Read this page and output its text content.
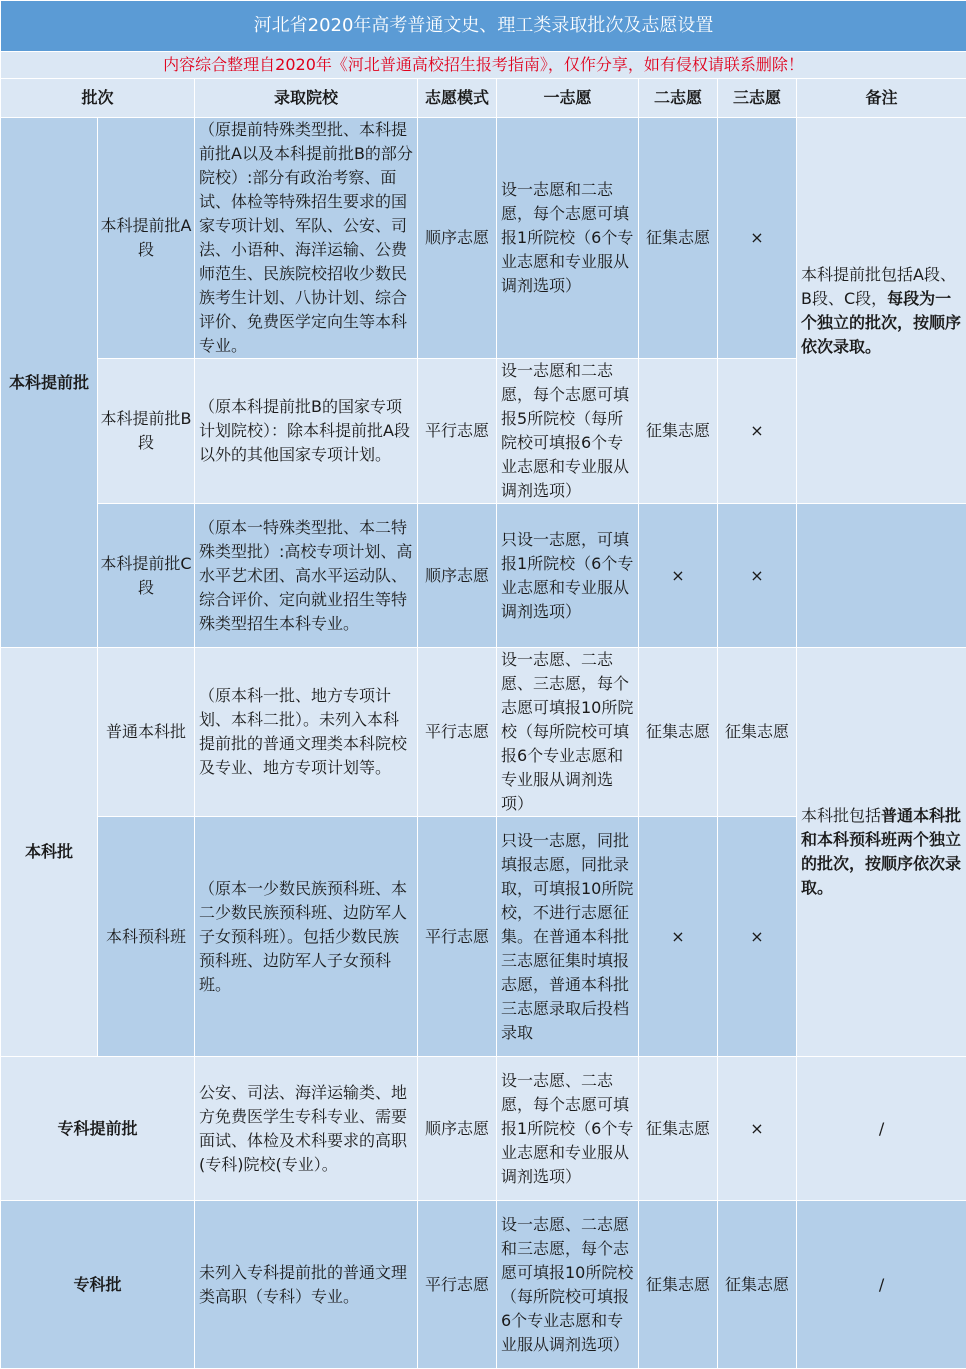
河北省2020年高考普通文史、理工类录取批次及志愿设置							
内容综合整理自2020年《河北普通高校招生报考指南》，仅作分享，如有侵权请联系删除！							
批次		录取院校	志愿模式	一志愿	二志愿	三志愿	备注
本科提前批	本科提前批A段	（原提前特殊类型批、本科提前批A以及本科提前批B的部分院校）:部分有政治考察、面试、体检等特殊招生要求的国家专项计划、军队、公安、司法、小语种、海洋运输、公费师范生、民族院校招收少数民族考生计划、八协计划、综合评价、免费医学定向生等本科专业。	顺序志愿	设一志愿和二志愿，每个志愿可填报1所院校（6个专业志愿和专业服从调剂选项）	征集志愿	×	本科提前批包括A段、B段、C段，每段为一个独立的批次，按顺序依次录取。
	本科提前批B段	（原本科提前批B的国家专项计划院校）：除本科提前批A段以外的其他国家专项计划。	平行志愿	设一志愿和二志愿，每个志愿可填报5所院校（每所院校可填报6个专业志愿和专业服从调剂选项）	征集志愿	×	
	本科提前批C段	（原本一特殊类型批、本二特殊类型批）:高校专项计划、高水平艺术团、高水平运动队、综合评价、定向就业招生等特殊类型招生本科专业。	顺序志愿	只设一志愿，可填报1所院校（6个专业志愿和专业服从调剂选项）	×	×	
本科批	普通本科批	（原本科一批、地方专项计划、本科二批）。未列入本科提前批的普通文理类本科院校及专业、地方专项计划等。	平行志愿	设一志愿、二志愿、三志愿，每个志愿可填报10所院校（每所院校可填报6个专业志愿和专业服从调剂选项）	征集志愿	征集志愿	本科批包括普通本科批和本科预科班两个独立的批次，按顺序依次录取。
	本科预科班	（原本一少数民族预科班、本二少数民族预科班、边防军人子女预科班）。包括少数民族预科班、边防军人子女预科班。	平行志愿	只设一志愿，同批填报志愿，同批录取，可填报10所院校，不进行志愿征集。在普通本科批三志愿征集时填报志愿，普通本科批三志愿录取后投档录取	×	×	
专科提前批		公安、司法、海洋运输类、地方免费医学生专科专业、需要面试、体检及术科要求的高职(专科)院校(专业）。	顺序志愿	设一志愿、二志愿，每个志愿可填报1所院校（6个专业志愿和专业服从调剂选项）	征集志愿	×	/
专科批		未列入专科提前批的普通文理类高职（专科）专业。	平行志愿	设一志愿、二志愿和三志愿，每个志愿可填报10所院校（每所院校可填报6个专业志愿和专业服从调剂选项）	征集志愿	征集志愿	/
